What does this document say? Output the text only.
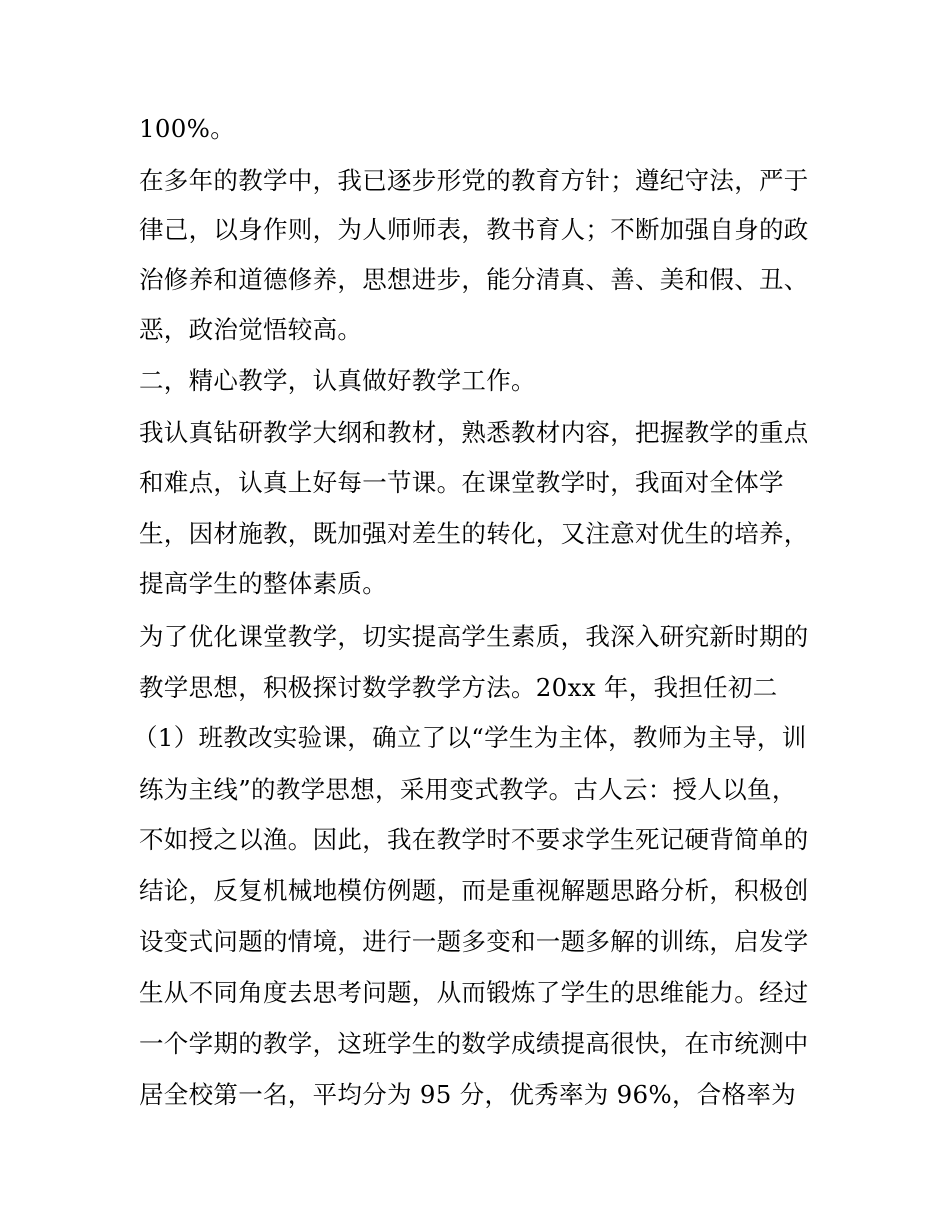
100%。
在多年的教学中，我已逐步形党的教育方针；遵纪守法，严于
律己，以身作则，为人师师表，教书育人；不断加强自身的政
治修养和道德修养，思想进步，能分清真、善、美和假、丑、
恶，政治觉悟较高。
二，精心教学，认真做好教学工作。
我认真钻研教学大纲和教材，熟悉教材内容，把握教学的重点
和难点，认真上好每一节课。在课堂教学时，我面对全体学
生，因材施教，既加强对差生的转化，又注意对优生的培养，
提高学生的整体素质。
为了优化课堂教学，切实提高学生素质，我深入研究新时期的
教学思想，积极探讨数学教学方法。20xx 年，我担任初二
（1）班教改实验课，确立了以“学生为主体，教师为主导，训
练为主线”的教学思想，采用变式教学。古人云：授人以鱼，
不如授之以渔。因此，我在教学时不要求学生死记硬背简单的
结论，反复机械地模仿例题，而是重视解题思路分析，积极创
设变式问题的情境，进行一题多变和一题多解的训练，启发学
生从不同角度去思考问题，从而锻炼了学生的思维能力。经过
一个学期的教学，这班学生的数学成绩提高很快，在市统测中
居全校第一名，平均分为 95 分，优秀率为 96%，合格率为
